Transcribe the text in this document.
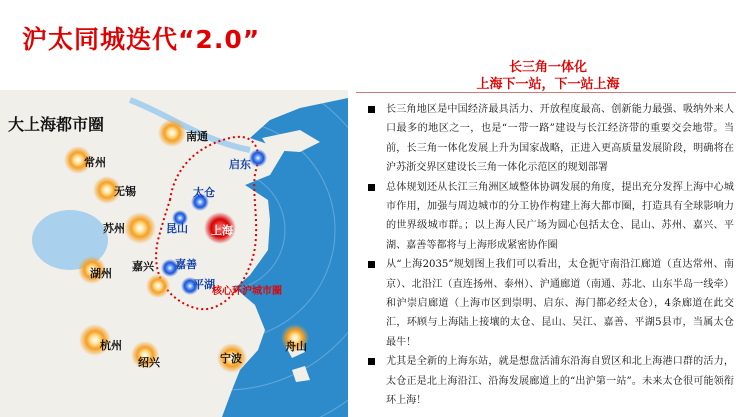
沪太同城迭代“2.0”
大上海都市圈
南通
常州
无锡
苏州
启东
太仓
昆山 上海
嘉兴 嘉善
平湖
湖州
杭州
绍兴	宁波
舟山
核心环沪城市圈
长三角一体化
上海下一站，下一站上海

长三角地区是中国经济最具活力、开放程度最高、创新能力最强、吸纳外来人口最多的地区之一，也是“一带一路”建设与长江经济带的重要交会地带。当前，长三角一体化发展上升为国家战略，正进入更高质量发展阶段，明确将在沪苏浙交界区建设长三角一体化示范区的规划部署

总体规划还从长江三角洲区域整体协调发展的角度，提出充分发挥上海中心城市作用，加强与周边城市的分工协作构建上海大都市圈，打造具有全球影响力的世界级城市群。；以上海人民广场为圆心包括太仓、昆山、苏州、嘉兴、平湖、嘉善等都将与上海形成紧密协作圈

从“上海2035”规划图上我们可以看出，太仓扼守南沿江廊道（直达常州、南京）、北沿江（直连扬州、泰州）、沪通廊道（南通、苏北、山东半岛一线牵）和沪崇启廊道（上海市区到崇明、启东、海门都必经太仓），4条廊道在此交汇，环顾与上海陆上接壤的太仓、昆山、吴江、嘉善、平湖5县市，当属太仓最牛！

尤其是全新的上海东站，就是想盘活浦东沿海自贸区和北上海港口群的活力，太仓正是北上海沿江、沿海发展廊道上的“出沪第一站”。未来太仓很可能领衔环上海！
